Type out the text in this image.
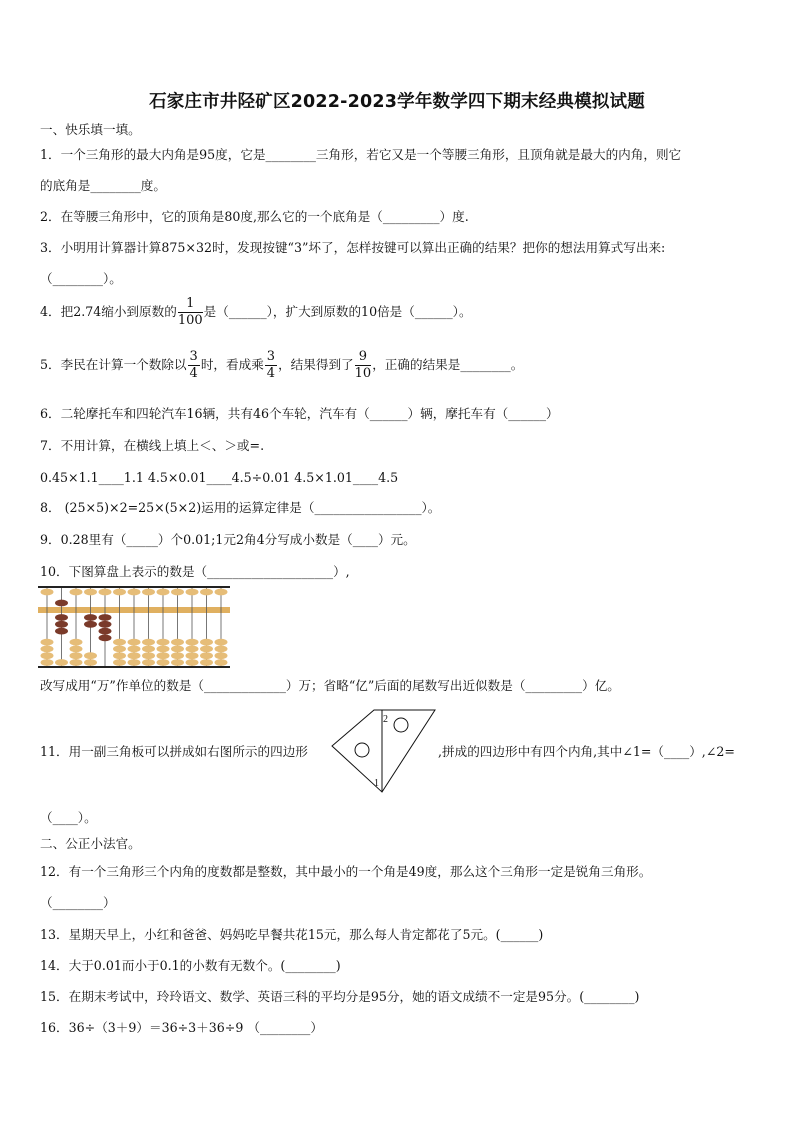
石家庄市井陉矿区2022-2023学年数学四下期末经典模拟试题
一、快乐填一填。
1．一个三角形的最大内角是95度，它是________三角形，若它又是一个等腰三角形，且顶角就是最大的内角，则它
的底角是________度。
2．在等腰三角形中，它的顶角是80度,那么它的一个底角是（_________）度.
3．小明用计算器计算875×32时，发现按键“3”坏了，怎样按键可以算出正确的结果？把你的想法用算式写出来:
（________）。
4．把2.74缩小到原数的 $\frac{1}{100}$ 是（______），扩大到原数的10倍是（______）。
5．李民在计算一个数除以 $\frac{3}{4}$ 时，看成乘 $\frac{3}{4}$ ，结果得到了 $\frac{9}{10}$ ，正确的结果是________。
6．二轮摩托车和四轮汽车16辆，共有46个车轮，汽车有（______）辆，摩托车有（______）
7．不用计算，在横线上填上＜、＞或=.
0.45×1.1____1.1 4.5×0.01____4.5÷0.01 4.5×1.01____4.5
8． (25×5)×2=25×(5×2)运用的运算定律是（_________________）。
9．0.28里有（_____）个0.01;1元2角4分写成小数是（____）元。
10．下图算盘上表示的数是（____________________）,
改写成用“万”作单位的数是（_____________）万；省略“亿”后面的尾数写出近似数是（_________）亿。
11．用一副三角板可以拼成如右图所示的四边形
2
1
,拼成的四边形中有四个内角,其中∠1=（____）,∠2=
（____）。
二、公正小法官。
12．有一个三角形三个内角的度数都是整数，其中最小的一个角是49度，那么这个三角形一定是锐角三角形。
（________）
13．星期天早上，小红和爸爸、妈妈吃早餐共花15元，那么每人肯定都花了5元。(______)
14．大于0.01而小于0.1的小数有无数个。(________)
15．在期末考试中，玲玲语文、数学、英语三科的平均分是95分，她的语文成绩不一定是95分。(________)
16．36÷（3＋9）＝36÷3＋36÷9 （________）
